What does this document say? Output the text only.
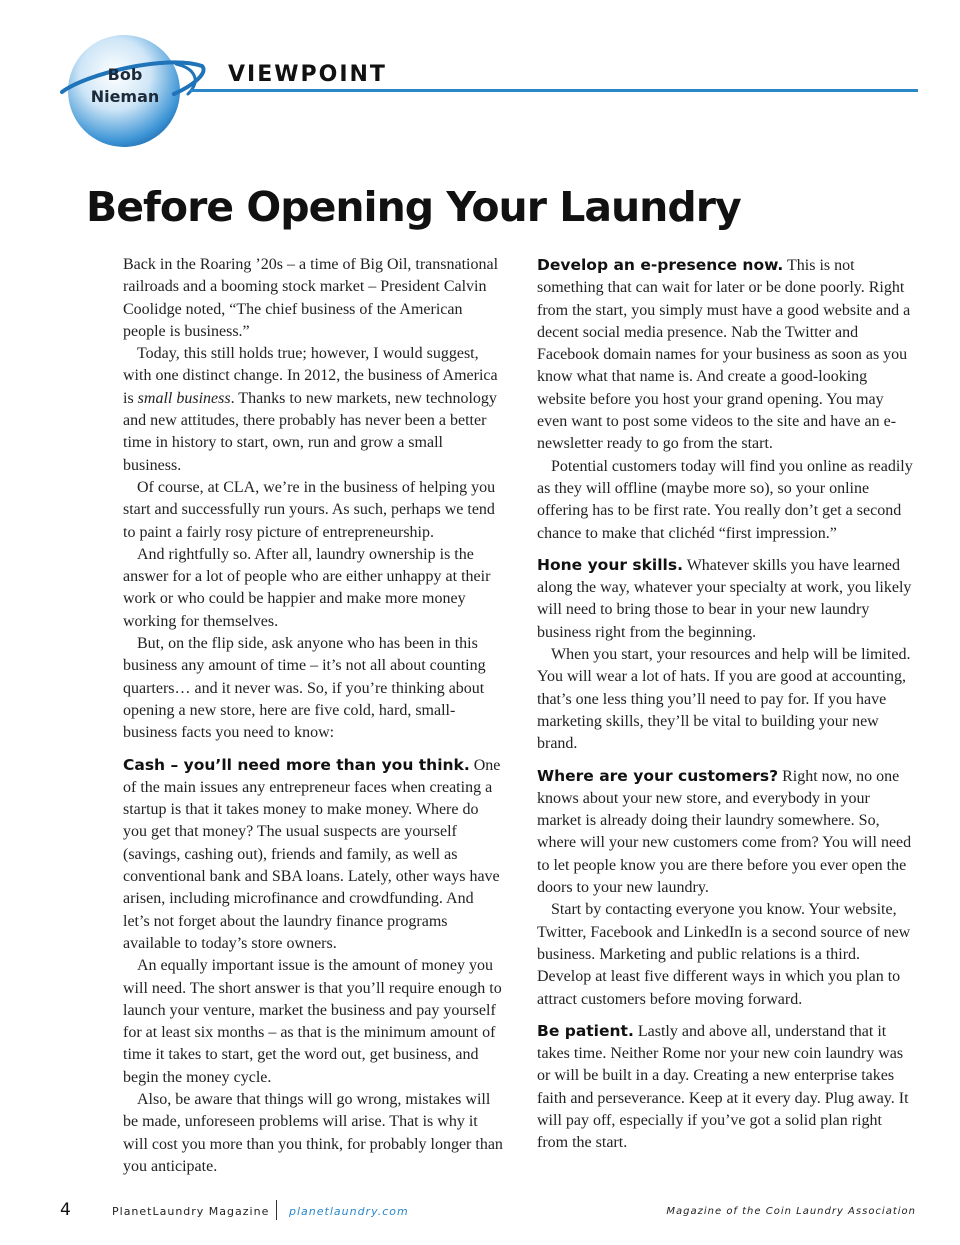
Bob
Nieman
VIEWPOINT
Before Opening Your Laundry

Back in the Roaring ’20s – a time of Big Oil, transnational railroads and a booming stock market – President Calvin Coolidge noted, “The chief business of the American people is business.”

Today, this still holds true; however, I would suggest, with one distinct change. In 2012, the business of America is small business. Thanks to new markets, new technology and new attitudes, there probably has never been a better time in history to start, own, run and grow a small business.

Of course, at CLA, we’re in the business of helping you start and successfully run yours. As such, perhaps we tend to paint a fairly rosy picture of entrepreneurship.

And rightfully so. After all, laundry ownership is the answer for a lot of people who are either unhappy at their work or who could be happier and make more money working for themselves.

But, on the flip side, ask anyone who has been in this business any amount of time – it’s not all about counting quarters… and it never was. So, if you’re thinking about opening a new store, here are five cold, hard, small-business facts you need to know:

Cash – you’ll need more than you think. One of the main issues any entrepreneur faces when creating a startup is that it takes money to make money. Where do you get that money? The usual suspects are yourself (savings, cashing out), friends and family, as well as conventional bank and SBA loans. Lately, other ways have arisen, including microfinance and crowdfunding. And let’s not forget about the laundry finance programs available to today’s store owners.

An equally important issue is the amount of money you will need. The short answer is that you’ll require enough to launch your venture, market the business and pay yourself for at least six months – as that is the minimum amount of time it takes to start, get the word out, get business, and begin the money cycle.

Also, be aware that things will go wrong, mistakes will be made, unforeseen problems will arise. That is why it will cost you more than you think, for probably longer than you anticipate.

Develop an e-presence now. This is not something that can wait for later or be done poorly. Right from the start, you simply must have a good website and a decent social media presence. Nab the Twitter and Facebook domain names for your business as soon as you know what that name is. And create a good-looking website before you host your grand opening. You may even want to post some videos to the site and have an e-newsletter ready to go from the start.

Potential customers today will find you online as readily as they will offline (maybe more so), so your online offering has to be first rate. You really don’t get a second chance to make that clichéd “first impression.”

Hone your skills. Whatever skills you have learned along the way, whatever your specialty at work, you likely will need to bring those to bear in your new laundry business right from the beginning.

When you start, your resources and help will be limited. You will wear a lot of hats. If you are good at accounting, that’s one less thing you’ll need to pay for. If you have marketing skills, they’ll be vital to building your new brand.

Where are your customers? Right now, no one knows about your new store, and everybody in your market is already doing their laundry somewhere. So, where will your new customers come from? You will need to let people know you are there before you ever open the doors to your new laundry.

Start by contacting everyone you know. Your website, Twitter, Facebook and LinkedIn is a second source of new business. Marketing and public relations is a third. Develop at least five different ways in which you plan to attract customers before moving forward.

Be patient. Lastly and above all, understand that it takes time. Neither Rome nor your new coin laundry was or will be built in a day. Creating a new enterprise takes faith and perseverance. Keep at it every day. Plug away. It will pay off, especially if you’ve got a solid plan right from the start.

4	PlanetLaundry Magazine planetlaundry.com	Magazine of the Coin Laundry Association
